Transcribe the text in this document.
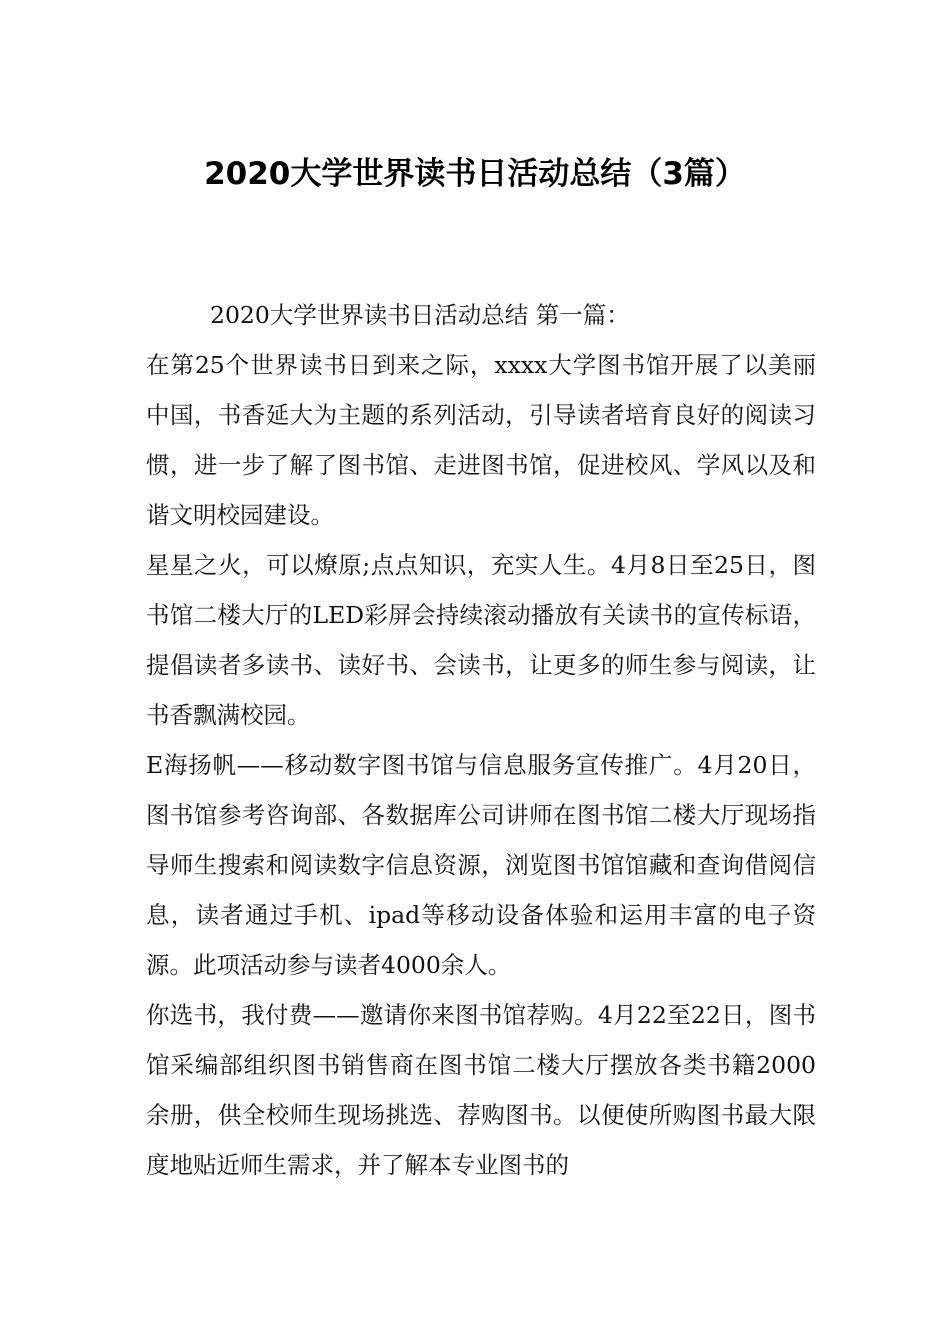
2020大学世界读书日活动总结（3篇）

2020大学世界读书日活动总结 第一篇：

在第25个世界读书日到来之际，xxxx大学图书馆开展了以美丽中国，书香延大为主题的系列活动，引导读者培育良好的阅读习惯，进一步了解了图书馆、走进图书馆，促进校风、学风以及和谐文明校园建设。

星星之火，可以燎原;点点知识，充实人生。4月8日至25日，图书馆二楼大厅的LED彩屏会持续滚动播放有关读书的宣传标语，提倡读者多读书、读好书、会读书，让更多的师生参与阅读，让书香飘满校园。

E海扬帆——移动数字图书馆与信息服务宣传推广。4月20日，图书馆参考咨询部、各数据库公司讲师在图书馆二楼大厅现场指导师生搜索和阅读数字信息资源，浏览图书馆馆藏和查询借阅信息，读者通过手机、ipad等移动设备体验和运用丰富的电子资源。此项活动参与读者4000余人。

你选书，我付费——邀请你来图书馆荐购。4月22至22日，图书馆采编部组织图书销售商在图书馆二楼大厅摆放各类书籍2000余册，供全校师生现场挑选、荐购图书。以便使所购图书最大限度地贴近师生需求，并了解本专业图书的
